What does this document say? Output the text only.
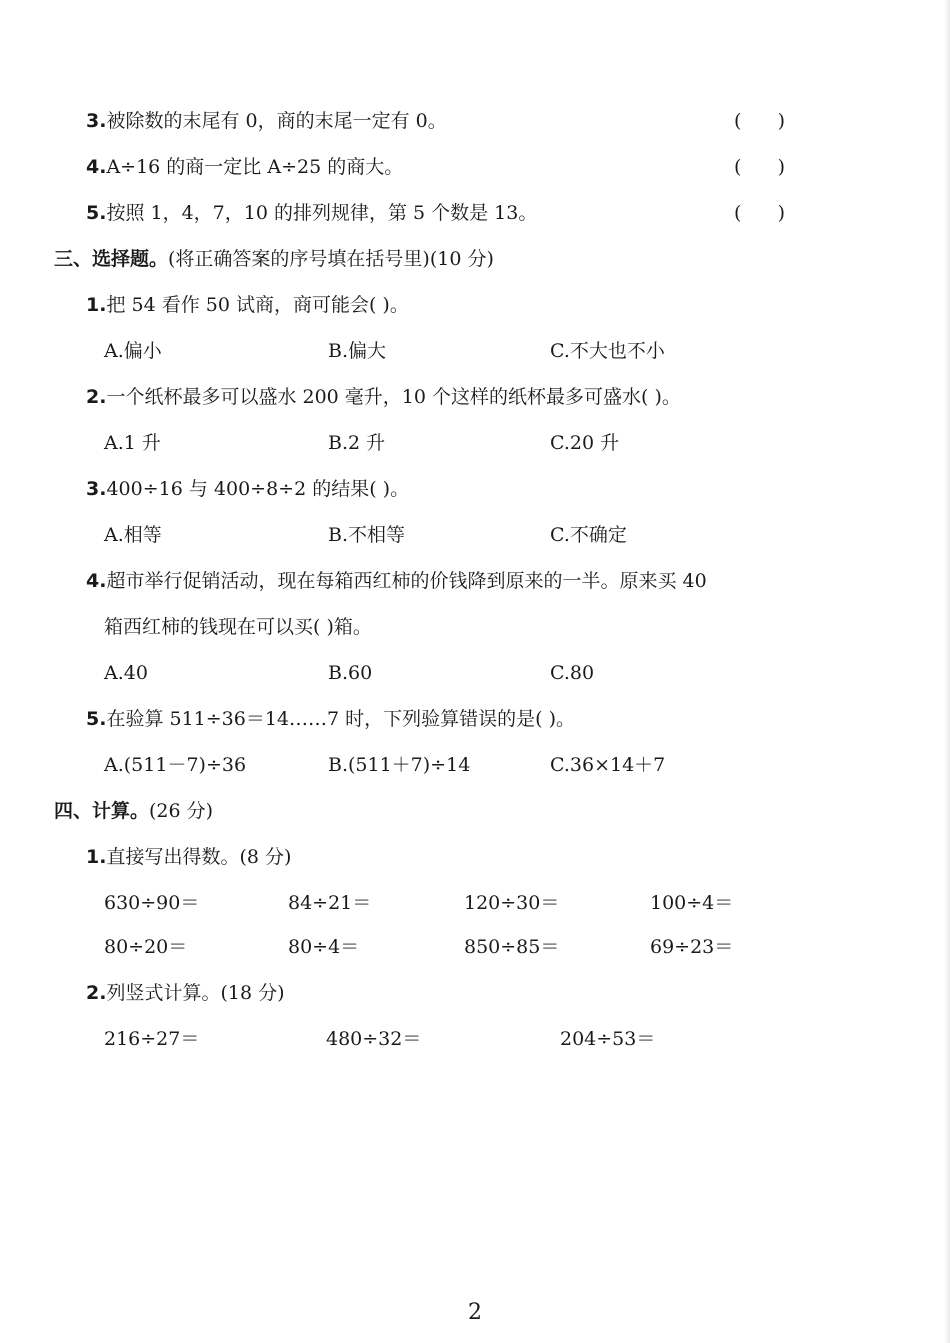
3.被除数的末尾有 0，商的末尾一定有 0。	(      )
4.A÷16 的商一定比 A÷25 的商大。	(      )
5.按照 1，4，7，10 的排列规律，第 5 个数是 13。	(      )
三、选择题。(将正确答案的序号填在括号里)(10 分)
1.把 54 看作 50 试商，商可能会( )。
A.偏小	B.偏大	C.不大也不小
2.一个纸杯最多可以盛水 200 毫升，10 个这样的纸杯最多可盛水( )。
A.1 升	B.2 升	C.20 升
3.400÷16 与 400÷8÷2 的结果( )。
A.相等	B.不相等	C.不确定
4.超市举行促销活动，现在每箱西红柿的价钱降到原来的一半。原来买 40
箱西红柿的钱现在可以买( )箱。
A.40	B.60	C.80
5.在验算 511÷36＝14……7 时，下列验算错误的是( )。
A.(511－7)÷36	B.(511＋7)÷14	C.36×14＋7
四、计算。(26 分)
1.直接写出得数。(8 分)
630÷90＝	84÷21＝	120÷30＝	100÷4＝
80÷20＝	80÷4＝	850÷85＝	69÷23＝
2.列竖式计算。(18 分)
216÷27＝	480÷32＝	204÷53＝
2
